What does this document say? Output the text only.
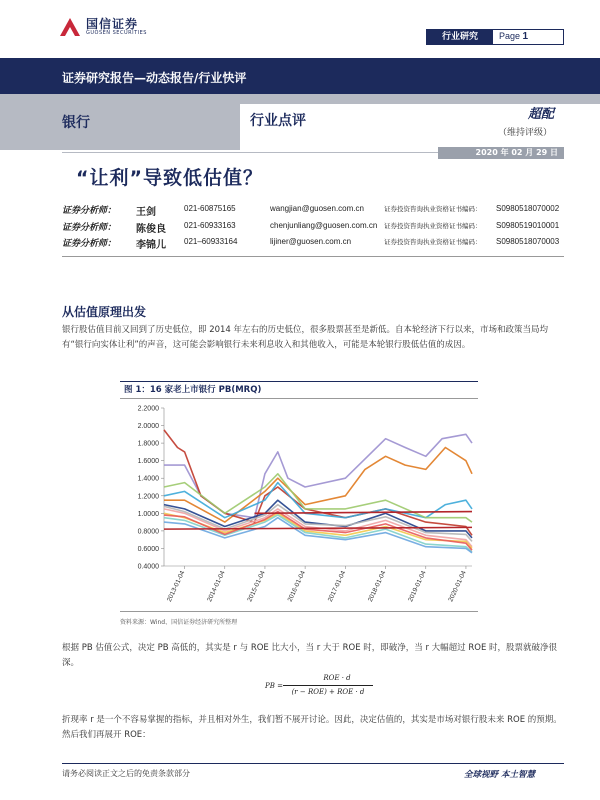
国信证券
GUOSEN SECURITIES	行业研究	Page 1
证券研究报告—动态报告/行业快评
银行	行业点评	超配
（维持评级）
2020 年 02 月 29 日
“让利”导致低估值？
证券分析师： 王剑	021-60875165	wangjian@guosen.com.cn	证券投资咨询执业资格证书编码： S0980518070002
证券分析师： 陈俊良 021-60933163	chenjunliang@guosen.com.cn 证券投资咨询执业资格证书编码： S0980519010001
证券分析师： 李锦儿 021–60933164	lijiner@guosen.com.cn	证券投资咨询执业资格证书编码： S0980518070003
从估值原理出发
银行股估值目前又回到了历史低位，即 2014 年左右的历史低位，很多股票甚至是新低。自本轮经济下行以来，市场和政策当局均有“银行向实体让利”的声音，这可能会影响银行未来利息收入和其他收入，可能是本轮银行股低估值的成因。
图 1：16 家老上市银行 PB(MRQ)
0.4000
0.6000
0.8000
1.0000
1.2000
1.4000
1.6000
1.8000
2.0000
2.2000
2013-01-04	2014-01-04	2015-01-04	2016-01-04	2017-01-04	2018-01-04	2019-01-04	2020-01-04
资料来源：Wind、国信证券经济研究所整理
根据 PB 估值公式，决定 PB 高低的，其实是 r 与 ROE 比大小，当 r 大于 ROE 时，即破净，当 r 大幅超过 ROE 时，股票就破净很深。
PB =
ROE · d
(r − ROE) + ROE · d
折现率 r 是一个不容易掌握的指标，并且相对外生，我们暂不展开讨论。因此，决定估值的，其实是市场对银行股未来 ROE 的预期。然后我们再展开 ROE：
请务必阅读正文之后的免责条款部分	全球视野 本土智慧
